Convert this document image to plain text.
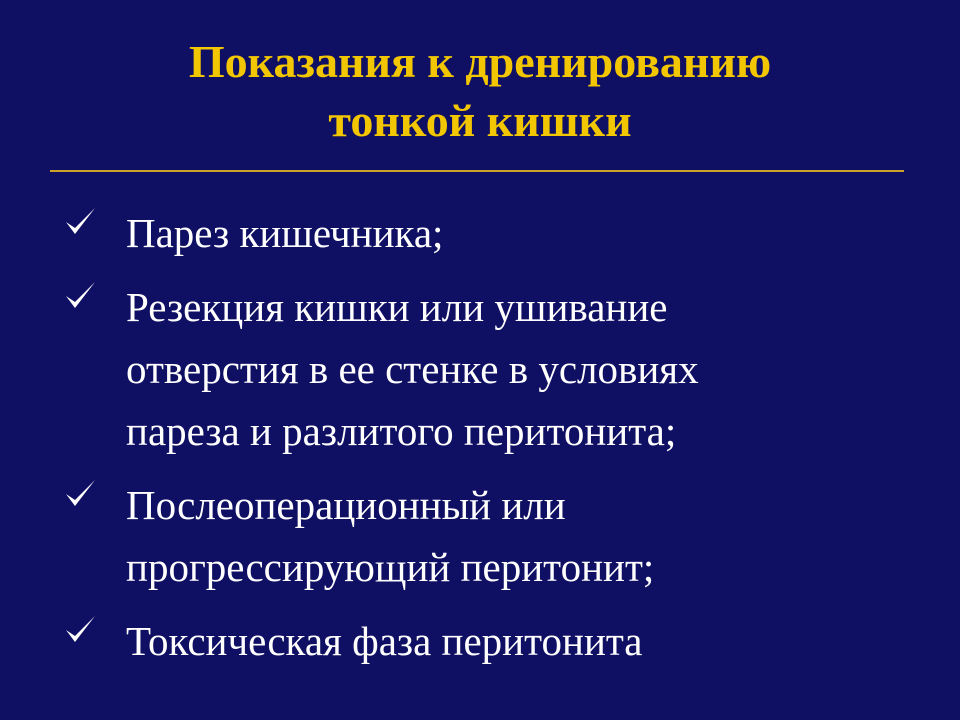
Показания к дренированию
тонкой кишки
Парез кишечника;
Резекция кишки или ушивание
отверстия в ее стенке в условиях
пареза и разлитого перитонита;
Послеоперационный или
прогрессирующий перитонит;
Токсическая фаза перитонита
